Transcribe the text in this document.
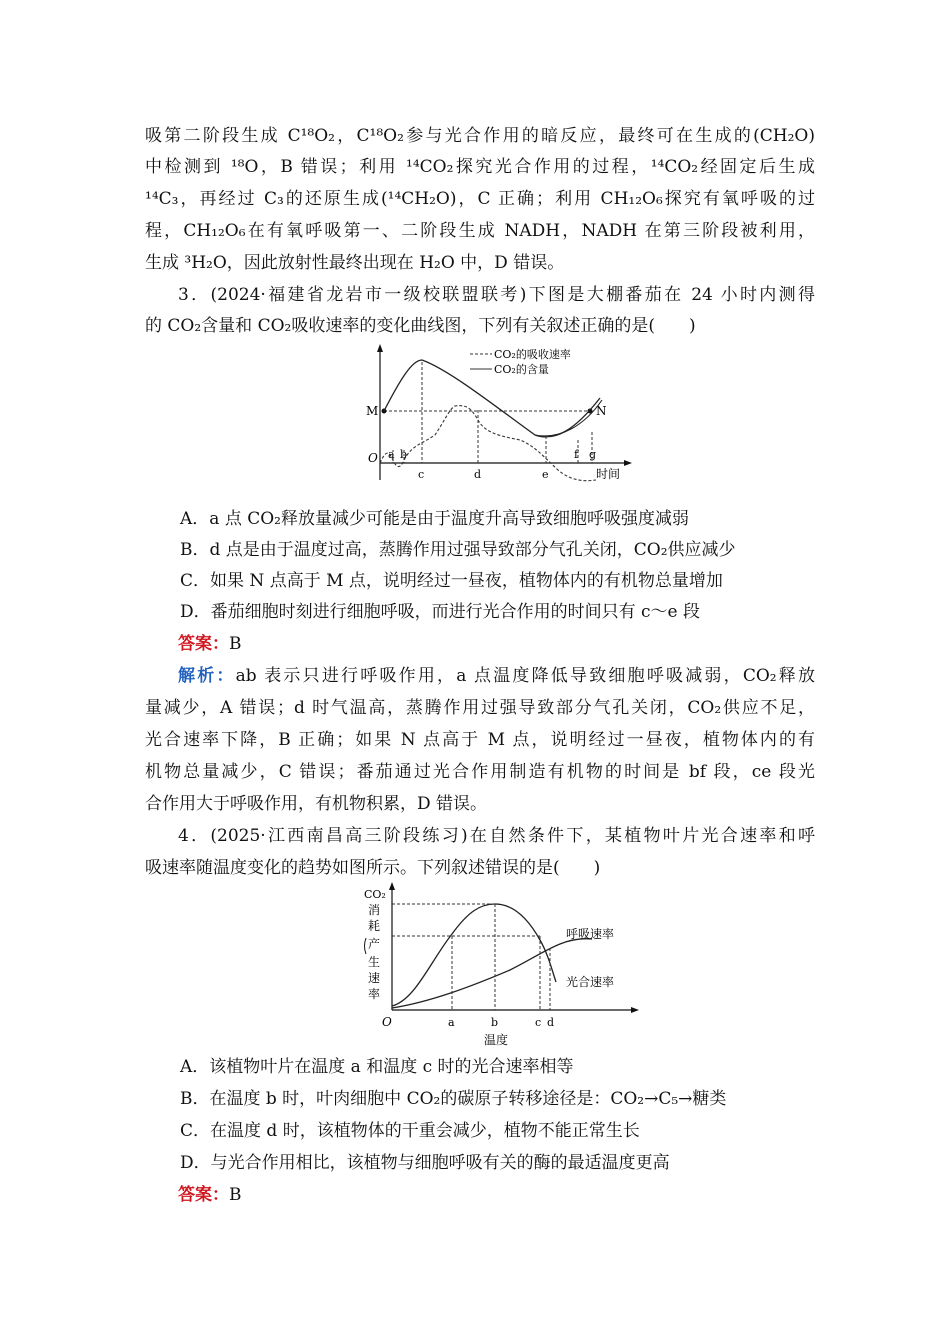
吸第二阶段生成 C¹⁸O₂，C¹⁸O₂参与光合作用的暗反应，最终可在生成的(CH₂O)
中检测到 ¹⁸O，B 错误；利用 ¹⁴CO₂探究光合作用的过程，¹⁴CO₂经固定后生成
¹⁴C₃，再经过 C₃的还原生成(¹⁴CH₂O)，C 正确；利用 CH₁₂O₆探究有氧呼吸的过
程，CH₁₂O₆在有氧呼吸第一、二阶段生成 NADH，NADH 在第三阶段被利用，
生成 ³H₂O，因此放射性最终出现在 H₂O 中，D 错误。
3．(2024·福建省龙岩市一级校联盟联考)下图是大棚番茄在 24 小时内测得
的 CO₂含量和 CO₂吸收速率的变化曲线图，下列有关叙述正确的是(　　)
CO₂的吸收速率
CO₂的含量
M	N
O a b
c	d	e
f g
时间
A．a 点 CO₂释放量减少可能是由于温度升高导致细胞呼吸强度减弱
B．d 点是由于温度过高，蒸腾作用过强导致部分气孔关闭，CO₂供应减少
C．如果 N 点高于 M 点，说明经过一昼夜，植物体内的有机物总量增加
D．番茄细胞时刻进行细胞呼吸，而进行光合作用的时间只有 c～e 段
答案：B
解析：ab 表示只进行呼吸作用，a 点温度降低导致细胞呼吸减弱，CO₂释放
量减少，A 错误；d 时气温高，蒸腾作用过强导致部分气孔关闭，CO₂供应不足，
光合速率下降，B 正确；如果 N 点高于 M 点，说明经过一昼夜，植物体内的有
机物总量减少，C 错误；番茄通过光合作用制造有机物的时间是 bf 段，ce 段光
合作用大于呼吸作用，有机物积累，D 错误。
4．(2025·江西南昌高三阶段练习)在自然条件下，某植物叶片光合速率和呼
吸速率随温度变化的趋势如图所示。下列叙述错误的是(　　)
CO₂
消
耗
产
生
速
率
O	a	b	c d
温度
呼吸速率
光合速率
A．该植物叶片在温度 a 和温度 c 时的光合速率相等
B．在温度 b 时，叶肉细胞中 CO₂的碳原子转移途径是：CO₂→C₅→糖类
C．在温度 d 时，该植物体的干重会减少，植物不能正常生长
D．与光合作用相比，该植物与细胞呼吸有关的酶的最适温度更高
答案：B
